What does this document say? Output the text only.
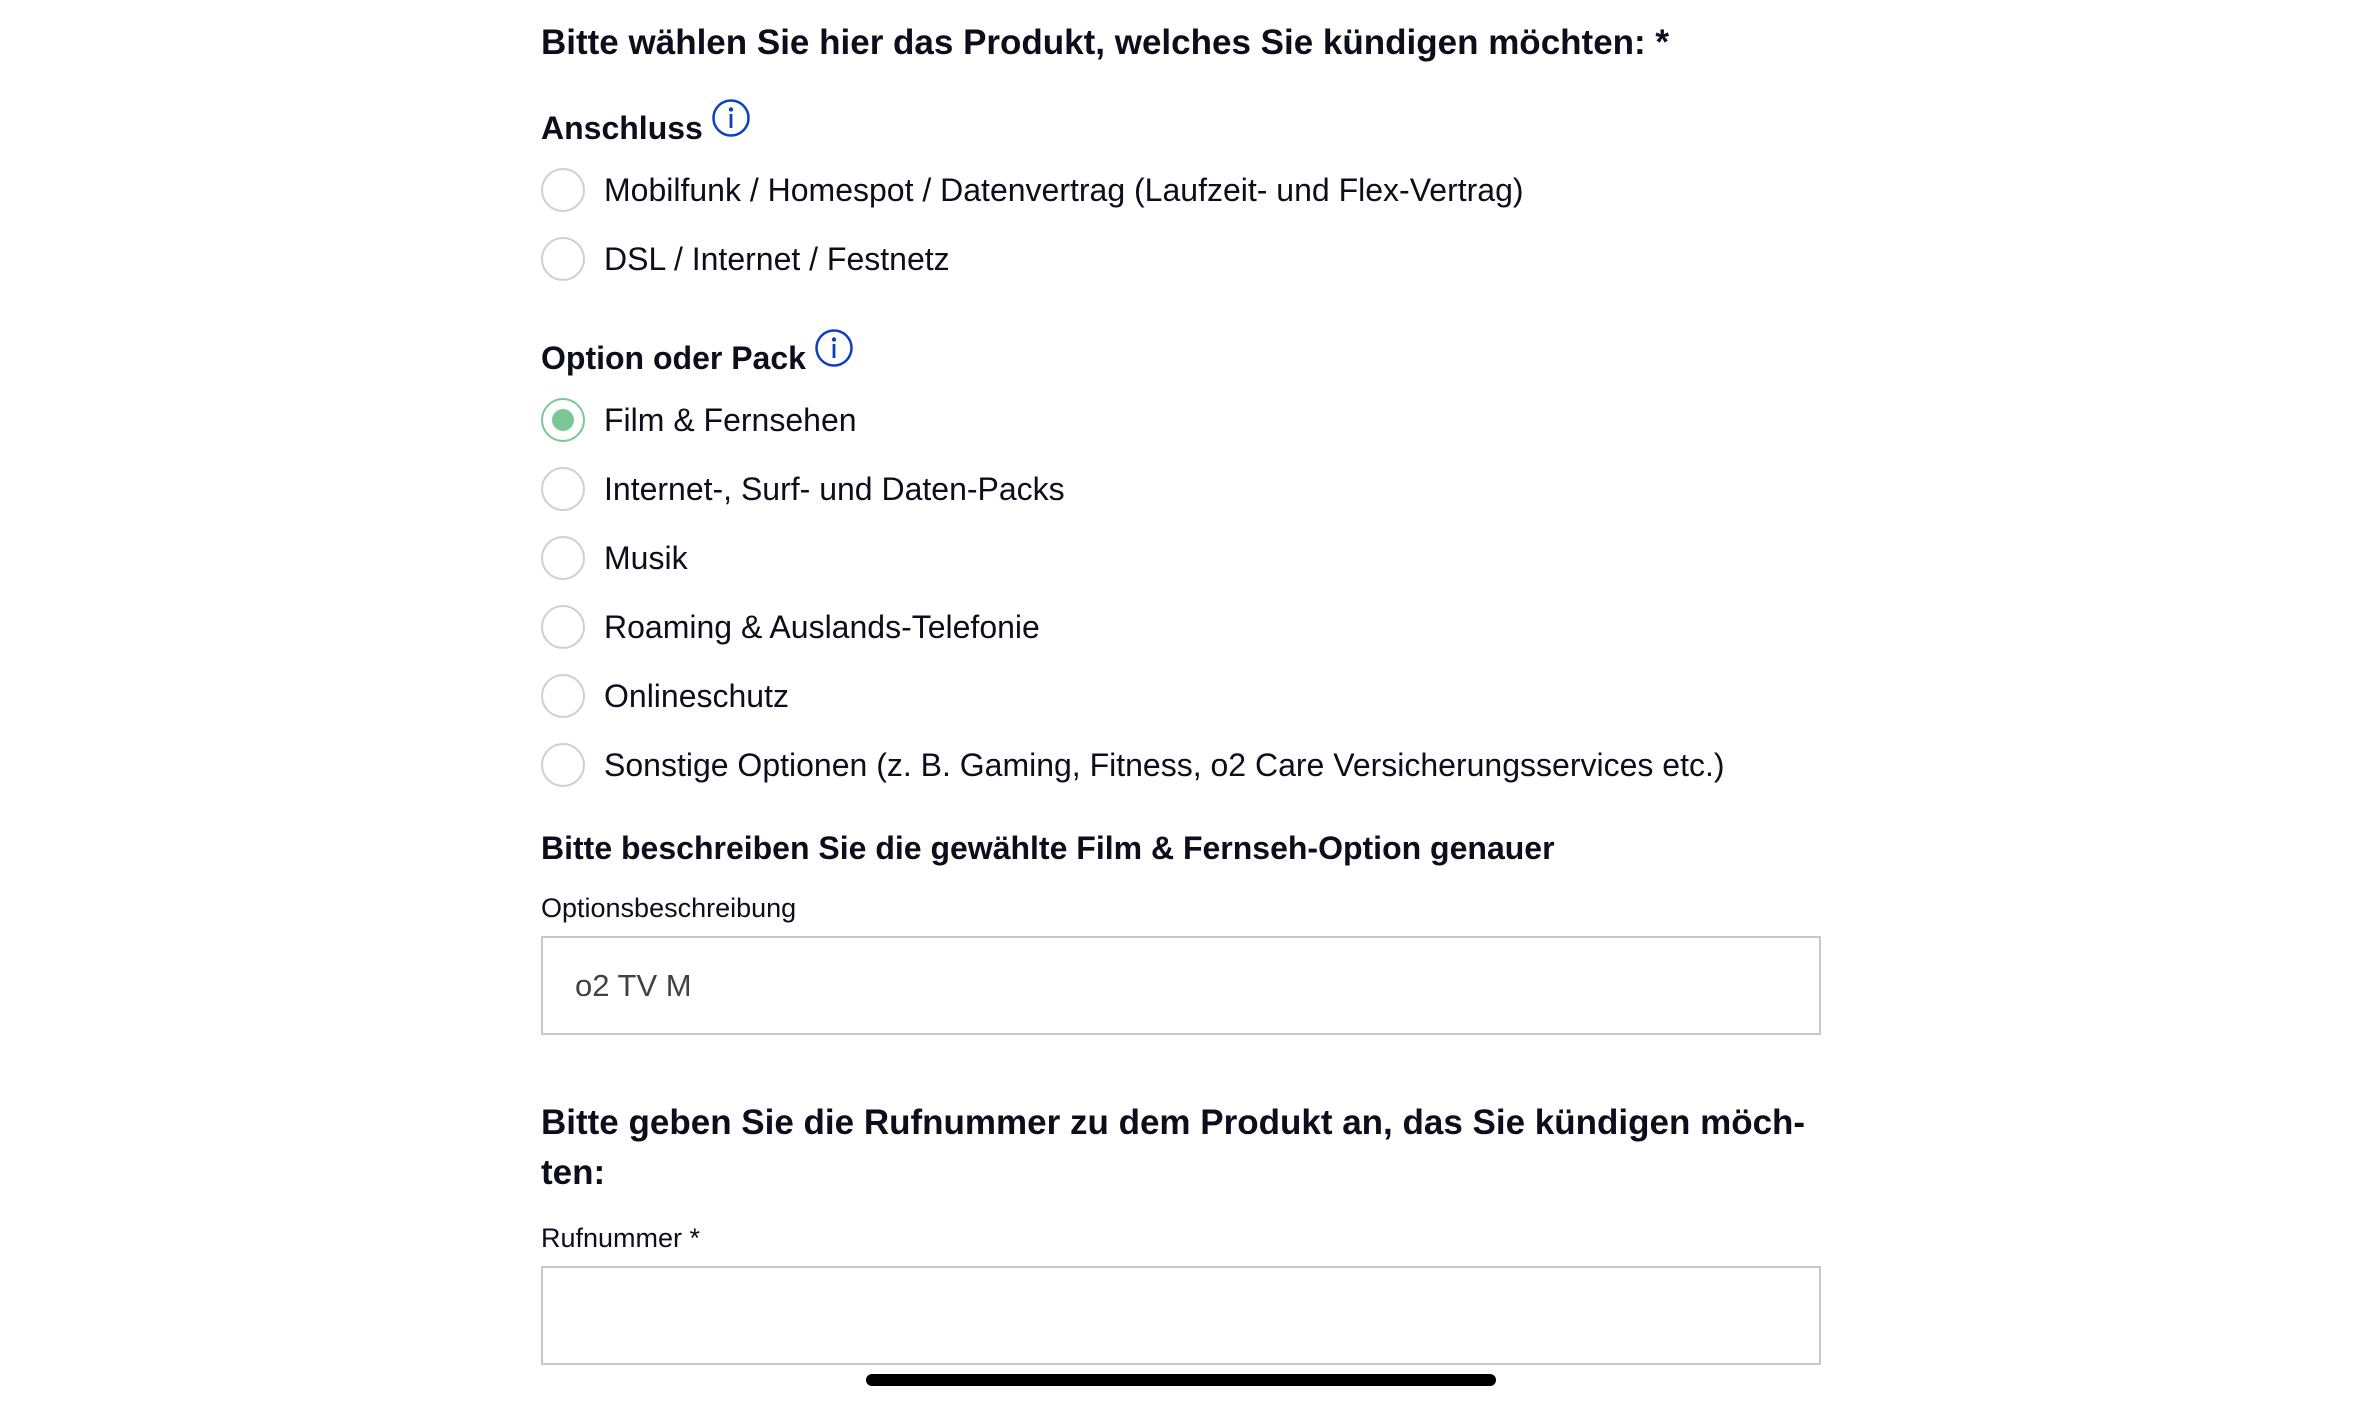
Bitte wählen Sie hier das Produkt, welches Sie kündigen möchten: *
Anschluss
Mobilfunk / Homespot / Datenvertrag (Laufzeit- und Flex-Vertrag)
DSL / Internet / Festnetz
Option oder Pack
Film & Fernsehen
Internet-, Surf- und Daten-Packs
Musik
Roaming & Auslands-Telefonie
Onlineschutz
Sonstige Optionen (z. B. Gaming, Fitness, o2 Care Versicherungsservices etc.)
Bitte beschreiben Sie die gewählte Film & Fernseh-Option genauer
Optionsbeschreibung
o2 TV M
Bitte geben Sie die Rufnummer zu dem Produkt an, das Sie kündigen möch-ten:
Rufnummer *
